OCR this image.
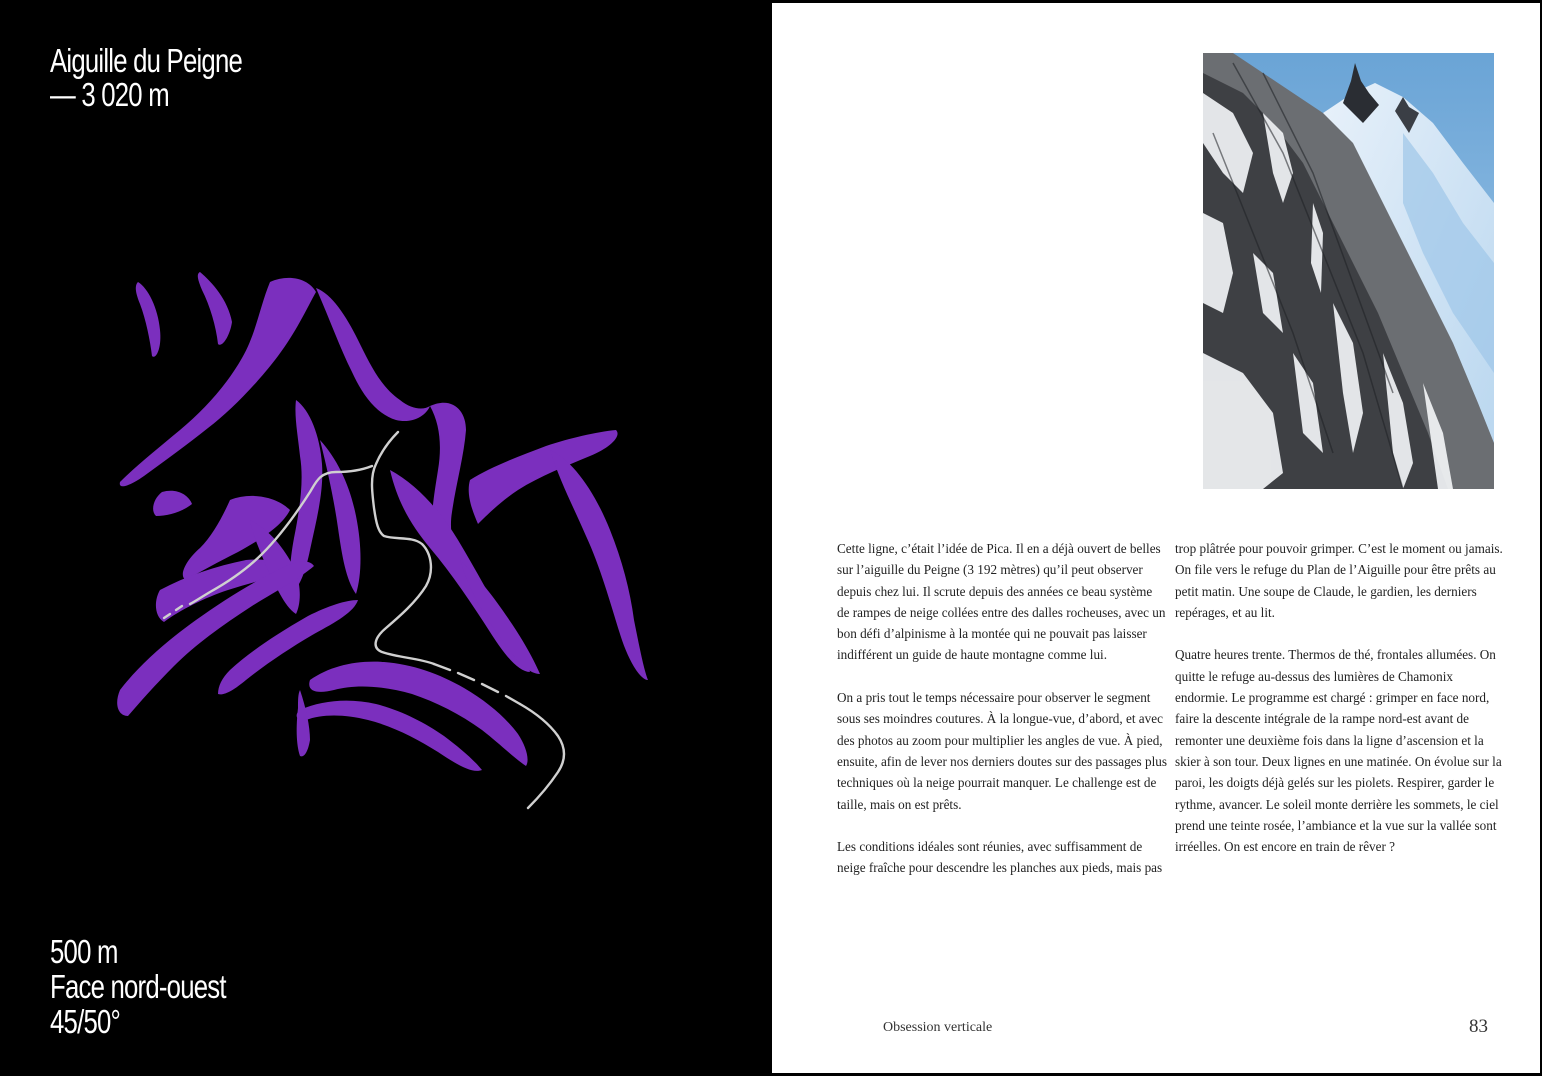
Aiguille du Peigne
— 3 020 m
500 m
Face nord-ouest
45/50°

Cette ligne, c’était l’idée de Pica. Il en a déjà ouvert de belles sur l’aiguille du Peigne (3 192 mètres) qu’il peut observer depuis chez lui. Il scrute depuis des années ce beau système de rampes de neige collées entre des dalles rocheuses, avec un bon défi d’alpinisme à la montée qui ne pouvait pas laisser indifférent un guide de haute montagne comme lui.

On a pris tout le temps nécessaire pour observer le segment sous ses moindres coutures. À la longue-vue, d’abord, et avec des photos au zoom pour multiplier les angles de vue. À pied, ensuite, afin de lever nos derniers doutes sur des passages plus techniques où la neige pourrait manquer. Le challenge est de taille, mais on est prêts.

Les conditions idéales sont réunies, avec suffisamment de neige fraîche pour descendre les planches aux pieds, mais pas

trop plâtrée pour pouvoir grimper. C’est le moment ou jamais. On file vers le refuge du Plan de l’Aiguille pour être prêts au petit matin. Une soupe de Claude, le gardien, les derniers repérages, et au lit.

Quatre heures trente. Thermos de thé, frontales allumées. On quitte le refuge au-dessus des lumières de Chamonix endormie. Le programme est chargé : grimper en face nord, faire la descente intégrale de la rampe nord-est avant de remonter une deuxième fois dans la ligne d’ascension et la skier à son tour. Deux lignes en une matinée. On évolue sur la paroi, les doigts déjà gelés sur les piolets. Respirer, garder le rythme, avancer. Le soleil monte derrière les sommets, le ciel prend une teinte rosée, l’ambiance et la vue sur la vallée sont irréelles. On est encore en train de rêver ?

Obsession verticale	83
